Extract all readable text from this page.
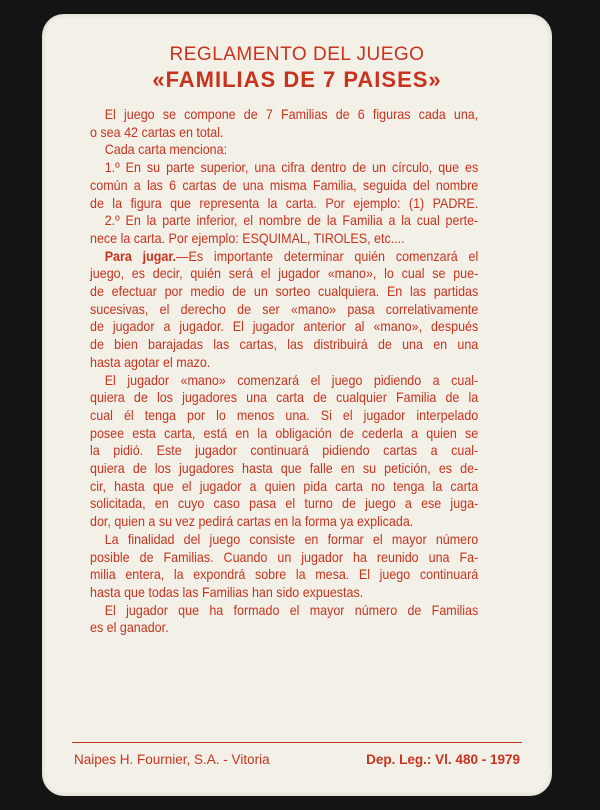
REGLAMENTO DEL JUEGO
«FAMILIAS DE 7 PAISES»
El juego se compone de 7 Familias de 6 figuras cada una,
o sea 42 cartas en total.
Cada carta menciona:
1.º En su parte superior, una cifra dentro de un círculo, que es
común a las 6 cartas de una misma Familia, seguida del nombre
de la figura que representa la carta. Por ejemplo: (1) PADRE.
2.º En la parte inferior, el nombre de la Familia a la cual perte-
nece la carta. Por ejemplo: ESQUIMAL, TIROLES, etc....
Para jugar.—Es importante determinar quién comenzará el
juego, es decir, quién será el jugador «mano», lo cual se pue-
de efectuar por medio de un sorteo cualquiera. En las partidas
sucesivas, el derecho de ser «mano» pasa correlativamente
de jugador a jugador. El jugador anterior al «mano», después
de bien barajadas las cartas, las distribuirá de una en una
hasta agotar el mazo.
El jugador «mano» comenzará el juego pidiendo a cual-
quiera de los jugadores una carta de cualquier Familia de la
cual él tenga por lo menos una. Si el jugador interpelado
posee esta carta, está en la obligación de cederla a quien se
la pidió. Este jugador continuará pidiendo cartas a cual-
quiera de los jugadores hasta que falle en su petición, es de-
cir, hasta que el jugador a quien pida carta no tenga la carta
solicitada, en cuyo caso pasa el turno de juego a ese juga-
dor, quien a su vez pedirá cartas en la forma ya explicada.
La finalidad del juego consiste en formar el mayor número
posible de Familias. Cuando un jugador ha reunido una Fa-
milia entera, la expondrá sobre la mesa. El juego continuará
hasta que todas las Familias han sido expuestas.
El jugador que ha formado el mayor número de Familias
es el ganador.
Naipes H. Fournier, S.A. - Vitoria	Dep. Leg.: Vl. 480 - 1979
